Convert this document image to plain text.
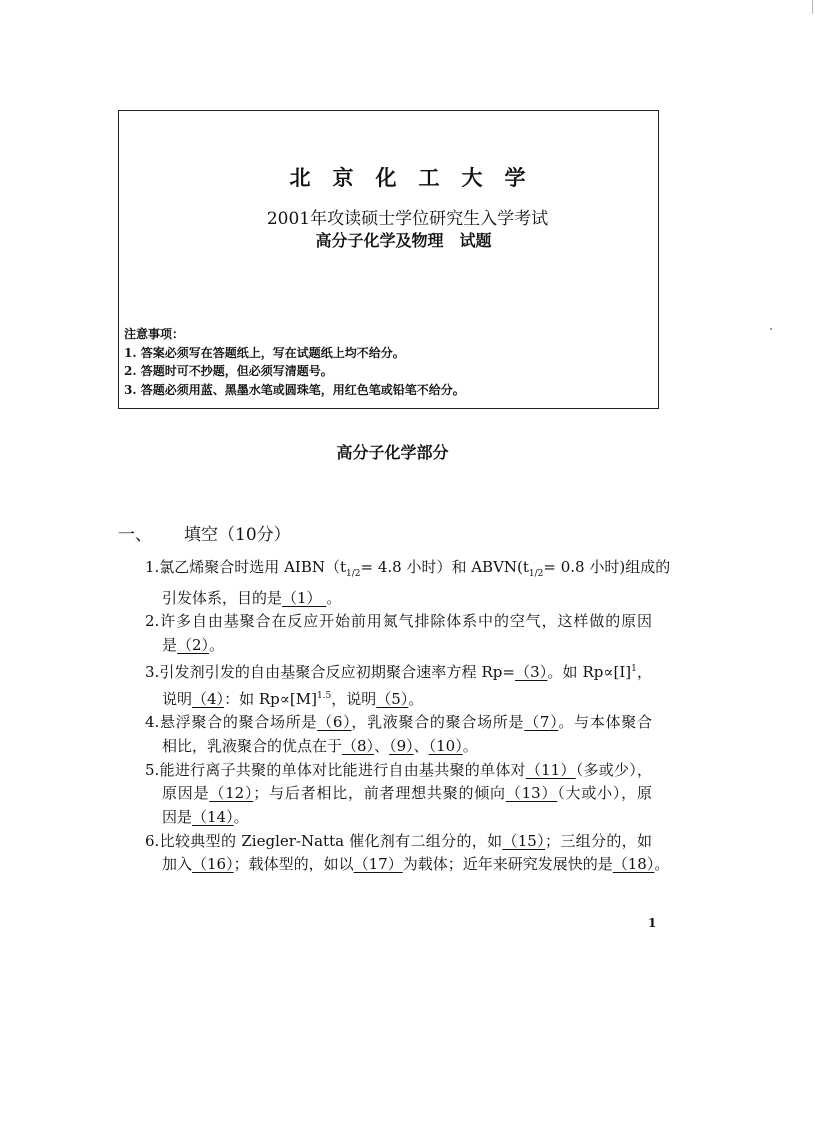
北京化工大学
2001年攻读硕士学位研究生入学考试
高分子化学及物理　试题
注意事项：
1. 答案必须写在答题纸上，写在试题纸上均不给分。
2. 答题时可不抄题，但必须写清题号。
3. 答题必须用蓝、黑墨水笔或圆珠笔，用红色笔或铅笔不给分。
高分子化学部分
一、 填空（10分）
1.氯乙烯聚合时选用 $AIBN(t_{1/2}= 4.8$ 小时）和 $ABVN(t_{1/2}= 0.8$ 小时)组成的
引发体系，目的是（1） 。
2.许多自由基聚合在反应开始前用氮气排除体系中的空气，这样做的原因
是（2）。
3.引发剂引发的自由基聚合反应初期聚合速率方程 Rp=（3）。如 $Rp\propto[I]^1$，
说明（4）：如 $Rp\propto[M]^{1.5}$，说明（5）。
4.悬浮聚合的聚合场所是（6），乳液聚合的聚合场所是（7）。与本体聚合
相比，乳液聚合的优点在于（8）、（9）、（10）。
5.能进行离子共聚的单体对比能进行自由基共聚的单体对（11）（多或少），
原因是（12）；与后者相比，前者理想共聚的倾向（13）（大或小），原
因是（14）。
6.比较典型的 Ziegler-Natta 催化剂有二组分的，如（15）；三组分的，如
加入（16）；载体型的，如以（17）为载体；近年来研究发展快的是（18）。
1
